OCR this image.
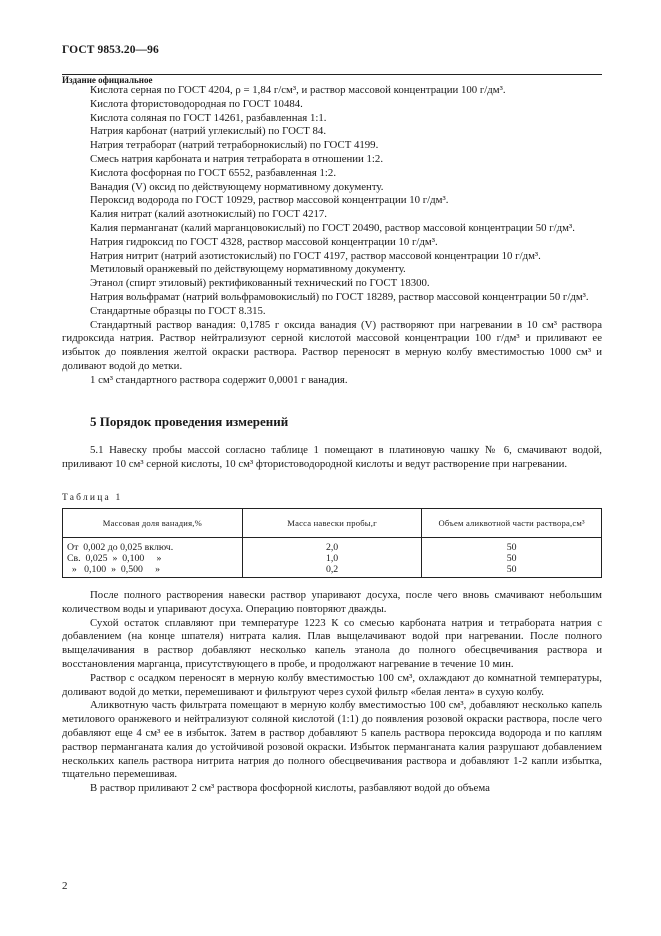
ГОСТ 9853.20—96
Издание официальное

Кислота серная по ГОСТ 4204, ρ = 1,84 г/см³, и раствор массовой концентрации 100 г/дм³.

Кислота фтористоводородная по ГОСТ 10484.

Кислота соляная по ГОСТ 14261, разбавленная 1:1.

Натрия карбонат (натрий углекислый) по ГОСТ 84.

Натрия тетраборат (натрий тетраборнокислый) по ГОСТ 4199.

Смесь натрия карбоната и натрия тетрабората в отношении 1:2.

Кислота фосфорная по ГОСТ 6552, разбавленная 1:2.

Ванадия (V) оксид по действующему нормативному документу.

Пероксид водорода по ГОСТ 10929, раствор массовой концентрации 10 г/дм³.

Калия нитрат (калий азотнокислый) по ГОСТ 4217.

Калия перманганат (калий марганцовокислый) по ГОСТ 20490, раствор массовой концентрации 50 г/дм³.

Натрия гидроксид по ГОСТ 4328, раствор массовой концентрации 10 г/дм³.

Натрия нитрит (натрий азотистокислый) по ГОСТ 4197, раствор массовой концентрации 10 г/дм³.

Метиловый оранжевый по действующему нормативному документу.

Этанол (спирт этиловый) ректификованный технический по ГОСТ 18300.

Натрия вольфрамат (натрий вольфрамовокислый) по ГОСТ 18289, раствор массовой концентрации 50 г/дм³.

Стандартные образцы по ГОСТ 8.315.

Стандартный раствор ванадия: 0,1785 г оксида ванадия (V) растворяют при нагревании в 10 см³ раствора гидроксида натрия. Раствор нейтрализуют серной кислотой массовой концентрации 100 г/дм³ и приливают ее избыток до появления желтой окраски раствора. Раствор переносят в мерную колбу вместимостью 1000 см³ и доливают водой до метки.

1 см³ стандартного раствора содержит 0,0001 г ванадия.

5 Порядок проведения измерений

5.1 Навеску пробы массой согласно таблице 1 помещают в платиновую чашку № 6, смачивают водой, приливают 10 см³ серной кислоты, 10 см³ фтористоводородной кислоты и ведут растворение при нагревании.

Таблица 1
Массовая доля ванадия,%	Масса навески пробы,г	Объем аликвотной части раствора,см³
От  0,002 до 0,025 включ.	2,0	50
Св.  0,025  »  0,100     »	1,0	50
»   0,100  »  0,500     »	0,2	50

После полного растворения навески раствор упаривают досуха, после чего вновь смачивают небольшим количеством воды и упаривают досуха. Операцию повторяют дважды.

Сухой остаток сплавляют при температуре 1223 К со смесью карбоната натрия и тетрабората натрия с добавлением (на конце шпателя) нитрата калия. Плав выщелачивают водой при нагревании. После полного выщелачивания в раствор добавляют несколько капель этанола до полного обесцвечивания раствора и восстановления марганца, присутствующего в пробе, и продолжают нагревание в течение 10 мин.

Раствор с осадком переносят в мерную колбу вместимостью 100 см³, охлаждают до комнатной температуры, доливают водой до метки, перемешивают и фильтруют через сухой фильтр «белая лента» в сухую колбу.

Аликвотную часть фильтрата помещают в мерную колбу вместимостью 100 см³, добавляют несколько капель метилового оранжевого и нейтрализуют соляной кислотой (1:1) до появления розовой окраски раствора, после чего добавляют еще 4 см³ ее в избыток. Затем в раствор добавляют 5 капель раствора пероксида водорода и по каплям раствор перманганата калия до устойчивой розовой окраски. Избыток перманганата калия разрушают добавлением нескольких капель раствора нитрита натрия до полного обесцвечивания раствора и добавляют 1-2 капли избытка, тщательно перемешивая.

В раствор приливают 2 см³ раствора фосфорной кислоты, разбавляют водой до объема

2
